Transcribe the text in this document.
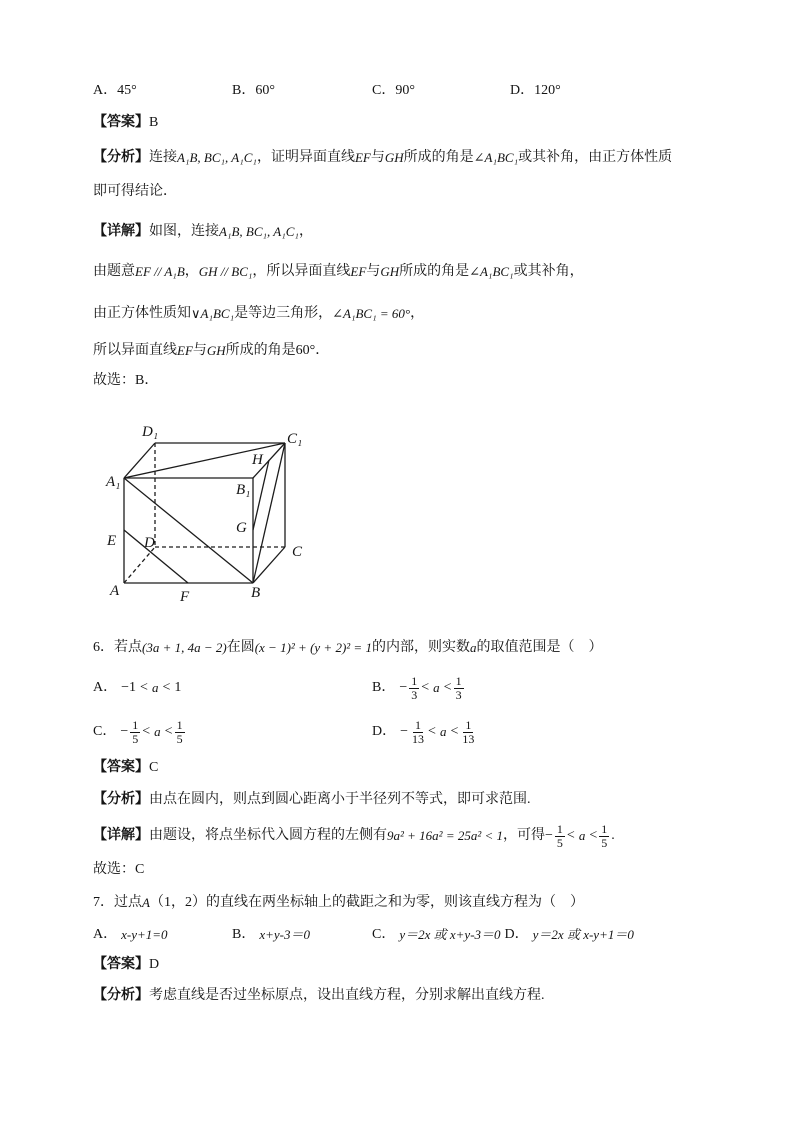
A． 45°	B． 60°	C． 90°	D． 120°
【答案】 B
【分析】 连接 A₁B, BC₁, A₁C₁ ，证明异面直线 EF 与 GH 所成的角是 ∠A₁BC₁ 或其补角，由正方体性质
即可得结论．
【详解】 如图，连接 A₁B, BC₁, A₁C₁ ，
由题意 EF // A₁B ， GH // BC₁ ，所以异面直线 EF 与 GH 所成的角是 ∠A₁BC₁ 或其补角，
由正方体性质知 ∨A₁BC₁ 是等边三角形， ∠A₁BC₁ = 60° ，
所以异面直线 EF 与 GH 所成的角是 60° ．
故选：B．
D₁	C₁
H
A₁	B₁
G
E D
C
A	F	B
6．若点 (3a + 1, 4a − 2) 在圆 (x − 1)² + (y + 2)² = 1 的内部，则实数 a 的取值范围是（　）
A． −1 < a < 1	B． − $\frac{1}{3} < a < \frac{1}{3}$
C． − $\frac{1}{5} < a < \frac{1}{5}$	D． − $\frac{1}{13} < a < \frac{1}{13}$
【答案】 C
【分析】 由点在圆内，则点到圆心距离小于半径列不等式，即可求范围.
【详解】 由题设，将点坐标代入圆方程的左侧有 9a² + 16a² = 25a² < 1 ，可得 − $\frac{1}{5} < a < \frac{1}{5}$ .
故选：C
7．过点 A （1，2）的直线在两坐标轴上的截距之和为零，则该直线方程为（　）
A． x-y+1=0	B． x+y-3＝0	C． y＝2x 或 x+y-3＝0 D． y＝2x 或 x-y+1＝0
【答案】 D
【分析】 考虑直线是否过坐标原点，设出直线方程，分别求解出直线方程.
